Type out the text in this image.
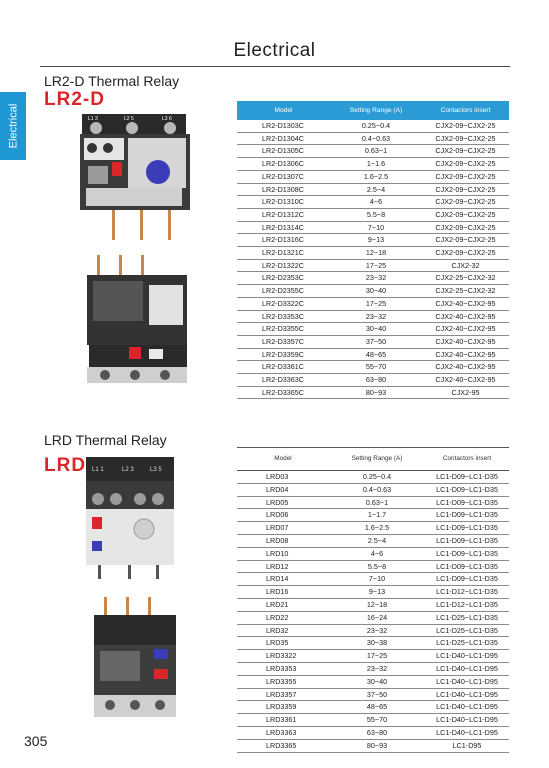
Electrical
Electrical
LR2-D Thermal Relay
LR2-D
L1 3	L2 5	L3 6
Model	Setting Range (A)	Contactors insert
LR2-D1303C	0.25~0.4	CJX2-09~CJX2-25
LR2-D1304C	0.4~0.63	CJX2-09~CJX2-25
LR2-D1305C	0.63~1	CJX2-09~CJX2-25
LR2-D1306C	1~1.6	CJX2-09~CJX2-25
LR2-D1307C	1.6~2.5	CJX2-09~CJX2-25
LR2-D1308C	2.5~4	CJX2-09~CJX2-25
LR2-D1310C	4~6	CJX2-09~CJX2-25
LR2-D1312C	5.5~8	CJX2-09~CJX2-25
LR2-D1314C	7~10	CJX2-09~CJX2-25
LR2-D1316C	9~13	CJX2-09~CJX2-25
LR2-D1321C	12~18	CJX2-09~CJX2-25
LR2-D1322C	17~25	CJX2-32
LR2-D2353C	23~32	CJX2-25~CJX2-32
LR2-D2355C	30~40	CJX2-25~CJX2-32
LR2-D3322C	17~25	CJX2-40~CJX2-95
LR2-D3353C	23~32	CJX2-40~CJX2-95
LR2-D3355C	30~40	CJX2-40~CJX2-95
LR2-D3357C	37~50	CJX2-40~CJX2-95
LR2-D3359C	48~65	CJX2-40~CJX2-95
LR2-D3361C	55~70	CJX2-40~CJX2-95
LR2-D3363C	63~80	CJX2-40~CJX2-95
LR2-D3365C	80~93	CJX2-95
LRD Thermal Relay
LRD L1 1	L2 3	L3 5
Model	Setting Range (A)	Contactors insert
LRD03	0.25~0.4	LC1-D09~LC1-D35
LRD04	0.4~0.63	LC1-D09~LC1-D35
LRD05	0.63~1	LC1-D09~LC1-D35
LRD06	1~1.7	LC1-D09~LC1-D35
LRD07	1.6~2.5	LC1-D09~LC1-D35
LRD08	2.5~4	LC1-D09~LC1-D35
LRD10	4~6	LC1-D09~LC1-D35
LRD12	5.5~8	LC1-D09~LC1-D35
LRD14	7~10	LC1-D09~LC1-D35
LRD16	9~13	LC1-D12~LC1-D35
LRD21	12~18	LC1-D12~LC1-D35
LRD22	16~24	LC1-D25~LC1-D35
LRD32	23~32	LC1-D25~LC1-D35
LRD35	30~38	LC1-D25~LC1-D35
LRD3322	17~25	LC1-D40~LC1-D95
LRD3353	23~32	LC1-D40~LC1-D95
LRD3355	30~40	LC1-D40~LC1-D95
LRD3357	37~50	LC1-D40~LC1-D95
LRD3359	48~65	LC1-D40~LC1-D95
LRD3361	55~70	LC1-D40~LC1-D95
LRD3363	63~80	LC1-D40~LC1-D95
LRD3365	80~93	LC1-D95
305
